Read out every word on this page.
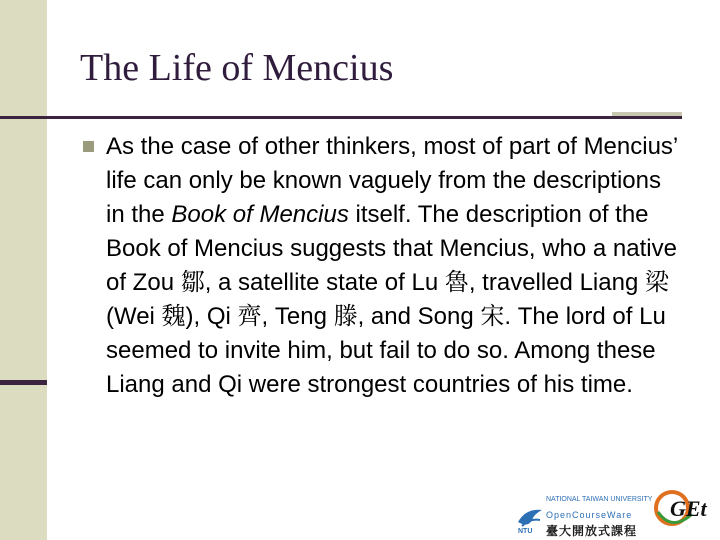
The Life of Mencius

As the case of other thinkers, most of part of Mencius’ life can only be known vaguely from the descriptions in the Book of Mencius itself. The description of the Book of Mencius suggests that Mencius, who a native of Zou 鄒, a satellite state of Lu 魯, travelled Liang 梁 (Wei 魏), Qi 齊, Teng 滕, and Song 宋. The lord of Lu seemed to invite him, but fail to do so. Among these Liang and Qi were strongest countries of his time.

NATIONAL TAIWAN UNIVERSITY
OpenCourseWare
臺大開放式課程
NTU
GEt
